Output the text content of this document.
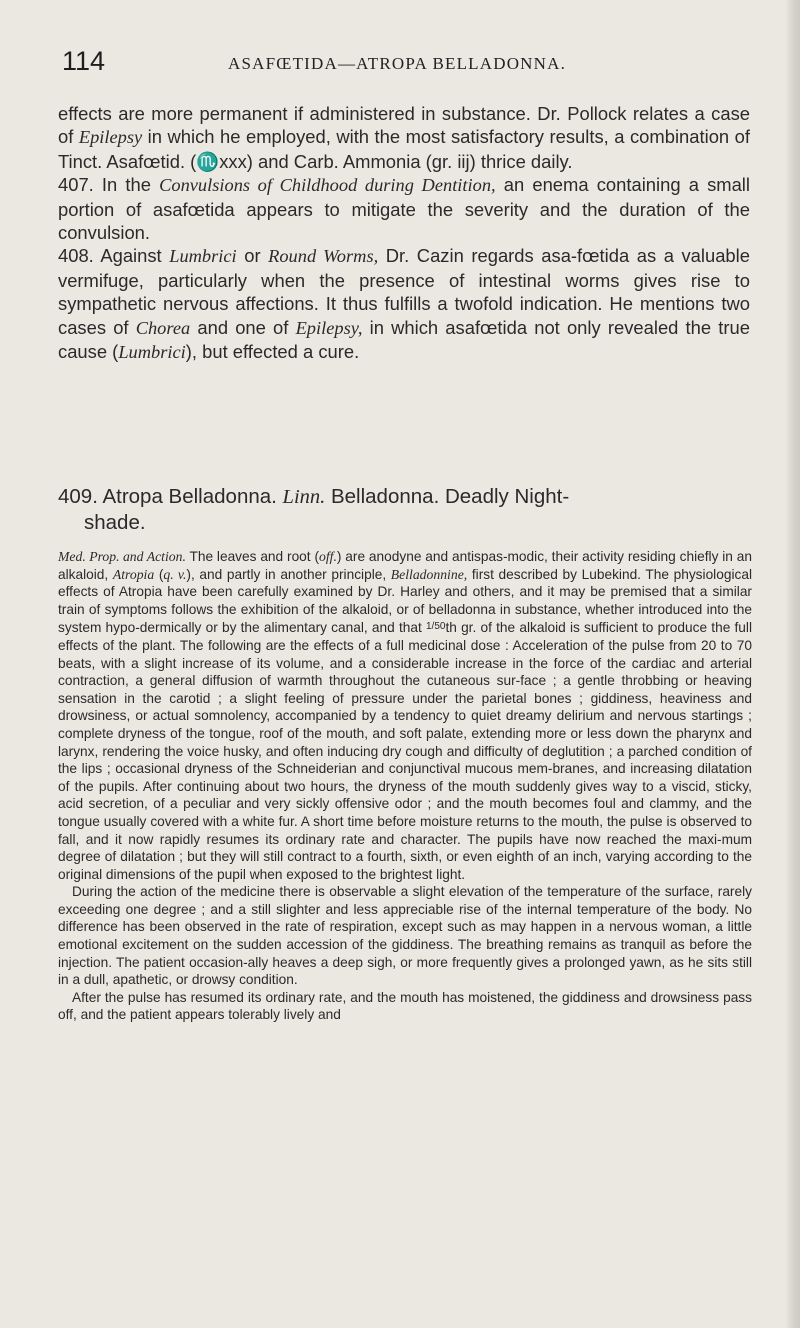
114	ASAFŒTIDA—ATROPA BELLADONNA.

effects are more permanent if administered in substance. Dr. Pollock relates a case of Epilepsy in which he employed, with the most satisfactory results, a combination of Tinct. Asafœtid. (♏xxx) and Carb. Ammonia (gr. iij) thrice daily.

407. In the Convulsions of Childhood during Dentition, an enema containing a small portion of asafœtida appears to mitigate the severity and the duration of the convulsion.

408. Against Lumbrici or Round Worms, Dr. Cazin regards asa-fœtida as a valuable vermifuge, particularly when the presence of intestinal worms gives rise to sympathetic nervous affections. It thus fulfills a twofold indication. He mentions two cases of Chorea and one of Epilepsy, in which asafœtida not only revealed the true cause (Lumbrici), but effected a cure.

409. Atropa Belladonna. Linn. Belladonna. Deadly Night-
shade.

Med. Prop. and Action. The leaves and root (off.) are anodyne and antispas-modic, their activity residing chiefly in an alkaloid, Atropia (q. v.), and partly in another principle, Belladonnine, first described by Lubekind. The physiological effects of Atropia have been carefully examined by Dr. Harley and others, and it may be premised that a similar train of symptoms follows the exhibition of the alkaloid, or of belladonna in substance, whether introduced into the system hypo-dermically or by the alimentary canal, and that $^{1/50}$th gr. of the alkaloid is sufficient to produce the full effects of the plant. The following are the effects of a full medicinal dose : Acceleration of the pulse from 20 to 70 beats, with a slight increase of its volume, and a considerable increase in the force of the cardiac and arterial contraction, a general diffusion of warmth throughout the cutaneous sur-face ; a gentle throbbing or heaving sensation in the carotid ; a slight feeling of pressure under the parietal bones ; giddiness, heaviness and drowsiness, or actual somnolency, accompanied by a tendency to quiet dreamy delirium and nervous startings ; complete dryness of the tongue, roof of the mouth, and soft palate, extending more or less down the pharynx and larynx, rendering the voice husky, and often inducing dry cough and difficulty of deglutition ; a parched condition of the lips ; occasional dryness of the Schneiderian and conjunctival mucous mem-branes, and increasing dilatation of the pupils. After continuing about two hours, the dryness of the mouth suddenly gives way to a viscid, sticky, acid secretion, of a peculiar and very sickly offensive odor ; and the mouth becomes foul and clammy, and the tongue usually covered with a white fur. A short time before moisture returns to the mouth, the pulse is observed to fall, and it now rapidly resumes its ordinary rate and character. The pupils have now reached the maxi-mum degree of dilatation ; but they will still contract to a fourth, sixth, or even eighth of an inch, varying according to the original dimensions of the pupil when exposed to the brightest light.

During the action of the medicine there is observable a slight elevation of the temperature of the surface, rarely exceeding one degree ; and a still slighter and less appreciable rise of the internal temperature of the body. No difference has been observed in the rate of respiration, except such as may happen in a nervous woman, a little emotional excitement on the sudden accession of the giddiness. The breathing remains as tranquil as before the injection. The patient occasion-ally heaves a deep sigh, or more frequently gives a prolonged yawn, as he sits still in a dull, apathetic, or drowsy condition.

After the pulse has resumed its ordinary rate, and the mouth has moistened, the giddiness and drowsiness pass off, and the patient appears tolerably lively and
